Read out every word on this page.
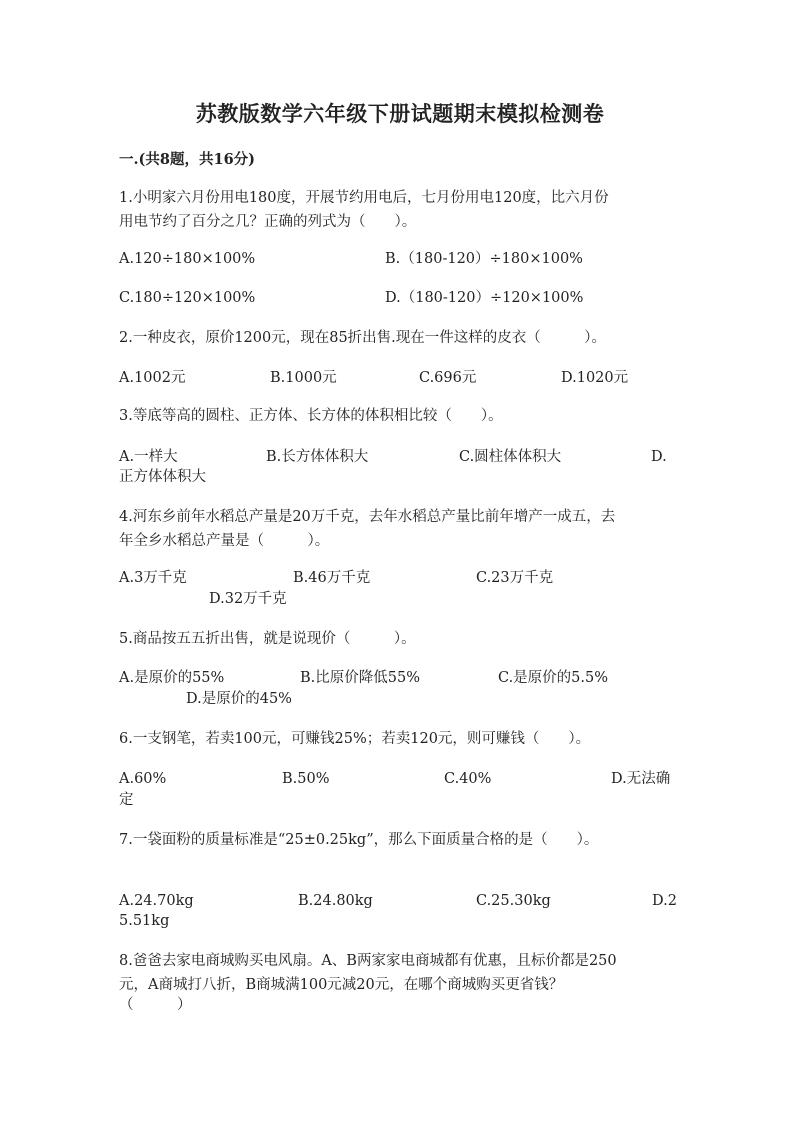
苏教版数学六年级下册试题期末模拟检测卷
一.(共8题，共16分)
1.小明家六月份用电180度，开展节约用电后，七月份用电120度，比六月份
用电节约了百分之几？正确的列式为（　　）。
A.120÷180×100%	B.（180-120）÷180×100%
C.180÷120×100%	D.（180-120）÷120×100%
2.一种皮衣，原价1200元，现在85折出售.现在一件这样的皮衣（　　　）。
A.1002元	B.1000元	C.696元	D.1020元
3.等底等高的圆柱、正方体、长方体的体积相比较（　　）。
A.一样大	B.长方体体积大	C.圆柱体体积大	D.
正方体体积大
4.河东乡前年水稻总产量是20万千克，去年水稻总产量比前年增产一成五，去
年全乡水稻总产量是（　　　）。
A.3万千克	B.46万千克	C.23万千克
D.32万千克
5.商品按五五折出售，就是说现价（　　　）。
A.是原价的55%	B.比原价降低55%	C.是原价的5.5%
D.是原价的45%
6.一支钢笔，若卖100元，可赚钱25%；若卖120元，则可赚钱（　　）。
A.60%	B.50%	C.40%	D.无法确
定
7.一袋面粉的质量标准是“25±0.25kg”，那么下面质量合格的是（　　）。
A.24.70kg	B.24.80kg	C.25.30kg	D.2
5.51kg
8.爸爸去家电商城购买电风扇。A、B两家家电商城都有优惠，且标价都是250
元，A商城打八折，B商城满100元减20元，在哪个商城购买更省钱？
（　　　）
